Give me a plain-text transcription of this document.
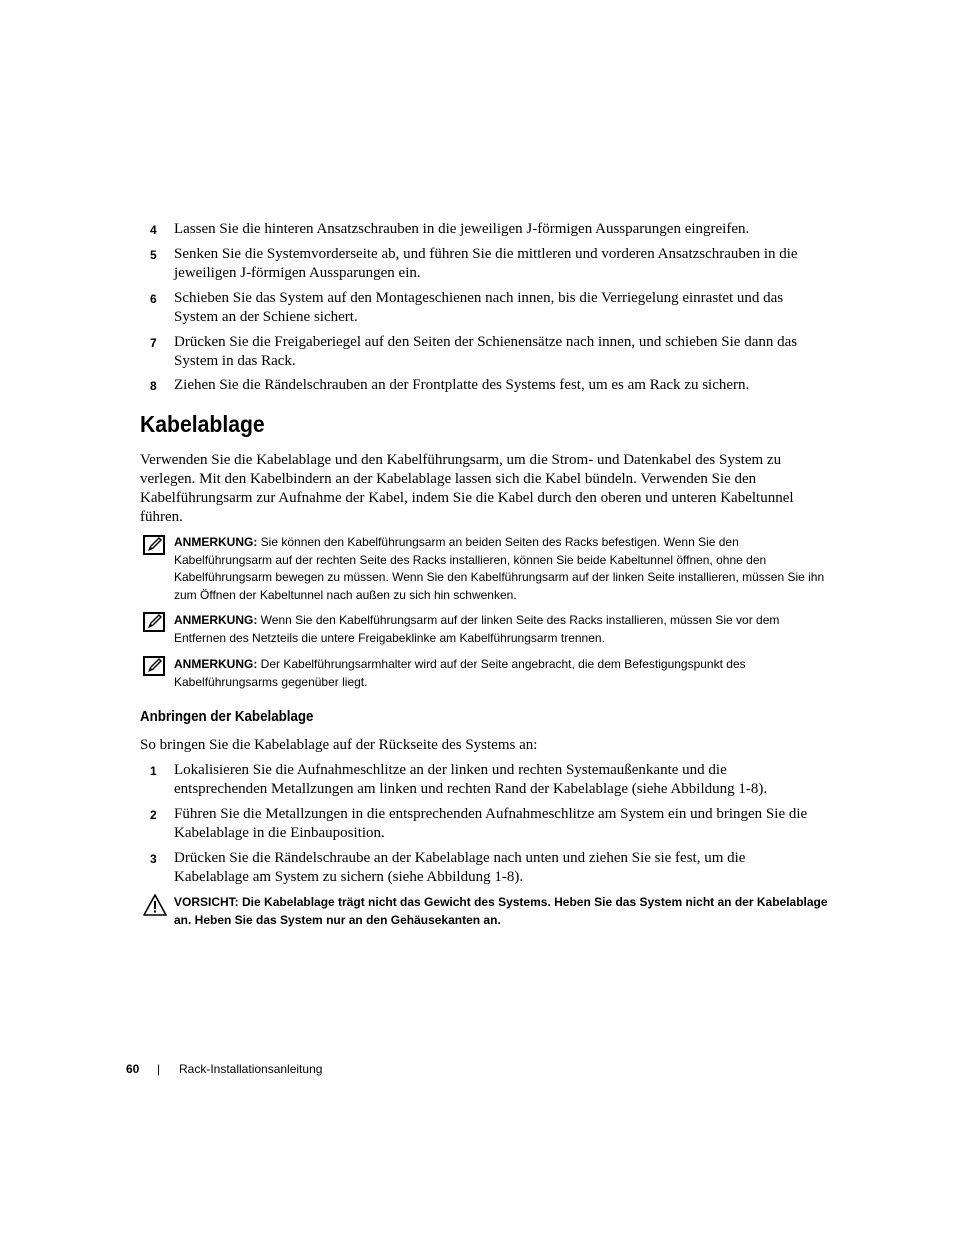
4	Lassen Sie die hinteren Ansatzschrauben in die jeweiligen J-förmigen Aussparungen eingreifen.
5	Senken Sie die Systemvorderseite ab, und führen Sie die mittleren und vorderen Ansatzschrauben in die jeweiligen J-förmigen Aussparungen ein.
6	Schieben Sie das System auf den Montageschienen nach innen, bis die Verriegelung einrastet und das System an der Schiene sichert.
7	Drücken Sie die Freigaberiegel auf den Seiten der Schienensätze nach innen, und schieben Sie dann das System in das Rack.
8	Ziehen Sie die Rändelschrauben an der Frontplatte des Systems fest, um es am Rack zu sichern.
Kabelablage
Verwenden Sie die Kabelablage und den Kabelführungsarm, um die Strom- und Datenkabel des System zu verlegen. Mit den Kabelbindern an der Kabelablage lassen sich die Kabel bündeln. Verwenden Sie den Kabelführungsarm zur Aufnahme der Kabel, indem Sie die Kabel durch den oberen und unteren Kabeltunnel führen.
ANMERKUNG: Sie können den Kabelführungsarm an beiden Seiten des Racks befestigen. Wenn Sie den Kabelführungsarm auf der rechten Seite des Racks installieren, können Sie beide Kabeltunnel öffnen, ohne den Kabelführungsarm bewegen zu müssen. Wenn Sie den Kabelführungsarm auf der linken Seite installieren, müssen Sie ihn zum Öffnen der Kabeltunnel nach außen zu sich hin schwenken.
ANMERKUNG: Wenn Sie den Kabelführungsarm auf der linken Seite des Racks installieren, müssen Sie vor dem Entfernen des Netzteils die untere Freigabeklinke am Kabelführungsarm trennen.
ANMERKUNG: Der Kabelführungsarmhalter wird auf der Seite angebracht, die dem Befestigungspunkt des Kabelführungsarms gegenüber liegt.
Anbringen der Kabelablage
So bringen Sie die Kabelablage auf der Rückseite des Systems an:
1	Lokalisieren Sie die Aufnahmeschlitze an der linken und rechten Systemaußenkante und die entsprechenden Metallzungen am linken und rechten Rand der Kabelablage (siehe Abbildung 1-8).
2	Führen Sie die Metallzungen in die entsprechenden Aufnahmeschlitze am System ein und bringen Sie die Kabelablage in die Einbauposition.
3	Drücken Sie die Rändelschraube an der Kabelablage nach unten und ziehen Sie sie fest, um die Kabelablage am System zu sichern (siehe Abbildung 1-8).
VORSICHT: Die Kabelablage trägt nicht das Gewicht des Systems. Heben Sie das System nicht an der Kabelablage an. Heben Sie das System nur an den Gehäusekanten an.
60 | Rack-Installationsanleitung
